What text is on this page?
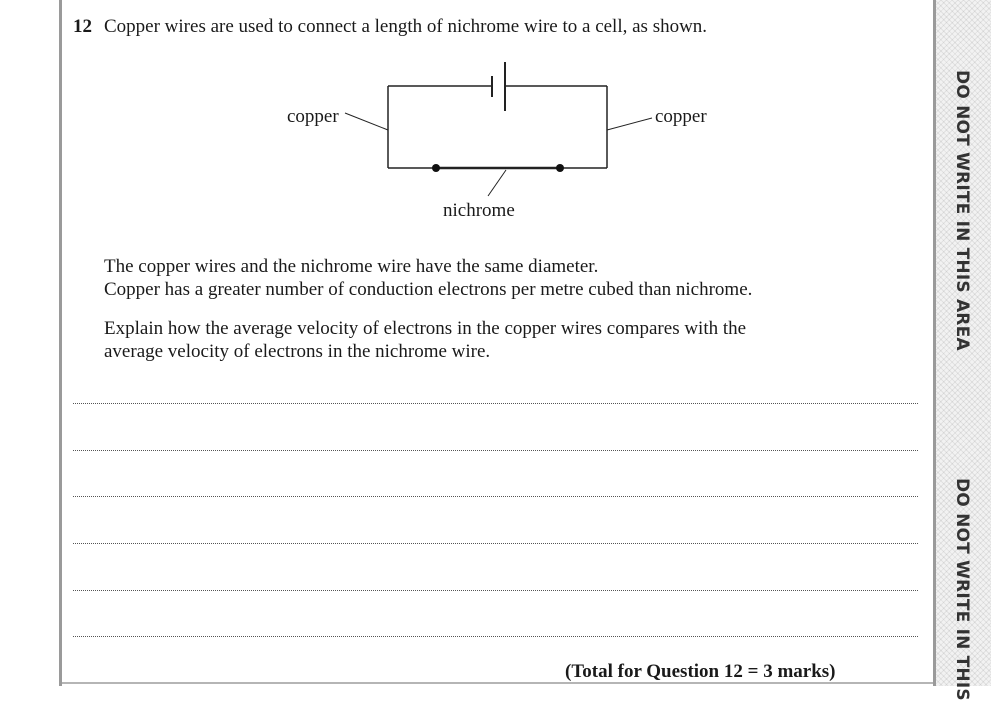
DO NOT WRITE IN THIS AREA
DO NOT WRITE IN THIS
12 Copper wires are used to connect a length of nichrome wire to a cell, as shown.
copper	copper
nichrome
The copper wires and the nichrome wire have the same diameter.
Copper has a greater number of conduction electrons per metre cubed than nichrome.
Explain how the average velocity of electrons in the copper wires compares with the
average velocity of electrons in the nichrome wire.
(Total for Question 12 = 3 marks)
